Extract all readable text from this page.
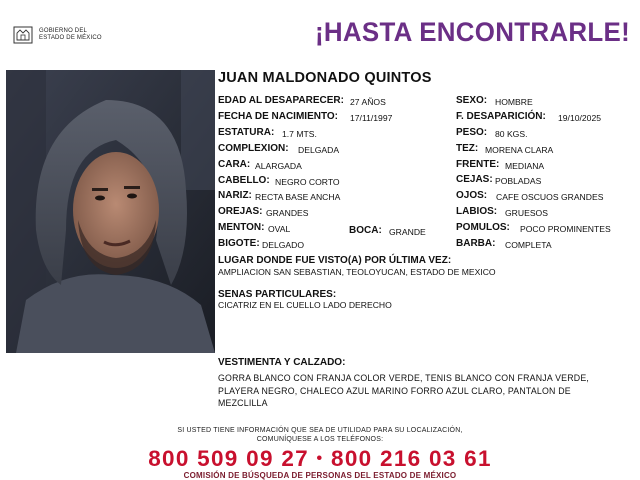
GOBIERNO DEL
ESTADO DE MÉXICO	¡HASTA ENCONTRARLE!
JUAN MALDONADO QUINTOS
EDAD AL DESAPARECER: 27 AÑOS
FECHA DE NACIMIENTO: 17/11/1997
ESTATURA: 1.7 MTS.
COMPLEXION: DELGADA
CARA: ALARGADA
CABELLO: NEGRO CORTO
NARIZ: RECTA BASE ANCHA
OREJAS: GRANDES
MENTON: OVAL
BIGOTE: DELGADO
BOCA: GRANDE
SEXO: HOMBRE
F. DESAPARICIÓN: 19/10/2025
PESO: 80 KGS.
TEZ: MORENA CLARA
FRENTE: MEDIANA
CEJAS: POBLADAS
OJOS: CAFE OSCUOS GRANDES
LABIOS: GRUESOS
POMULOS: POCO PROMINENTES
BARBA: COMPLETA
LUGAR DONDE FUE VISTO(A) POR ÚLTIMA VEZ:
AMPLIACION SAN SEBASTIAN, TEOLOYUCAN, ESTADO DE MEXICO
SENAS PARTICULARES:
CICATRIZ EN EL CUELLO LADO DERECHO
VESTIMENTA Y CALZADO:
GORRA BLANCO CON FRANJA COLOR VERDE, TENIS BLANCO CON FRANJA VERDE,
PLAYERA NEGRO, CHALECO AZUL MARINO FORRO AZUL CLARO, PANTALON DE
MEZCLILLA
SI USTED TIENE INFORMACIÓN QUE SEA DE UTILIDAD PARA SU LOCALIZACIÓN,
COMUNÍQUESE A LOS TELÉFONOS:
800 509 09 27 • 800 216 03 61
COMISIÓN DE BÚSQUEDA DE PERSONAS DEL ESTADO DE MÉXICO
